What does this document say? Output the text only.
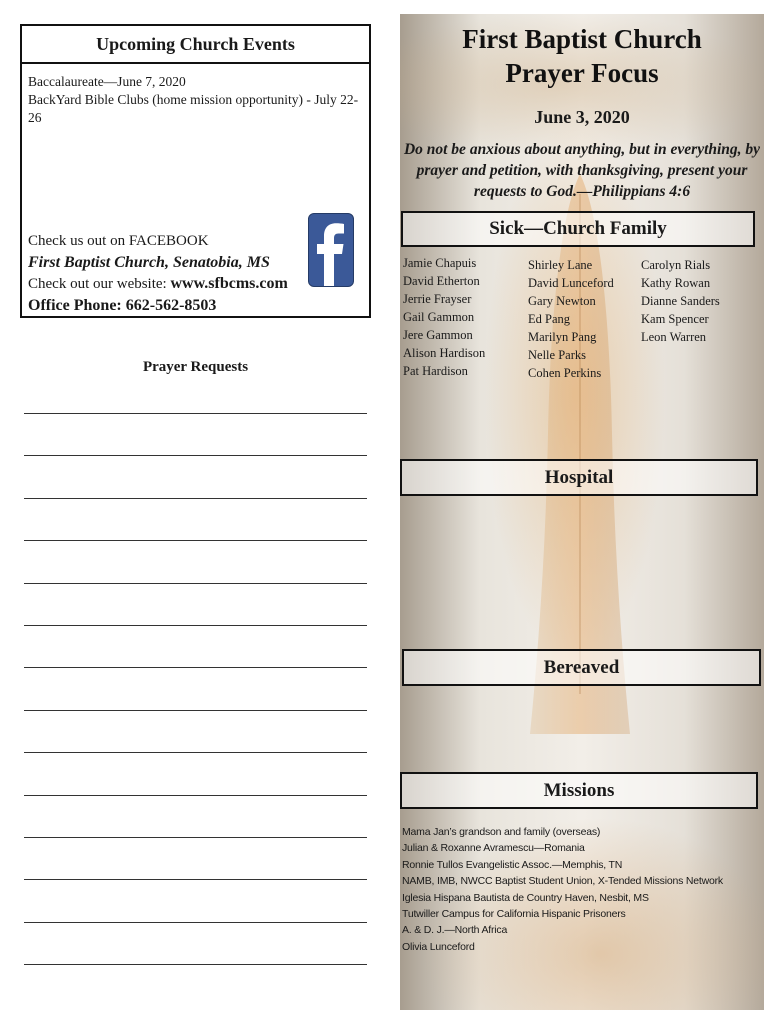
Upcoming Church Events
Baccalaureate—June 7, 2020
BackYard Bible Clubs (home mission opportunity) - July 22-26
Check us out on FACEBOOK
First Baptist Church, Senatobia, MS
Check out our website: www.sfbcms.com
Office Phone: 662-562-8503
Prayer Requests
First Baptist Church
Prayer Focus
June 3, 2020
Do not be anxious about anything, but in everything, by prayer and petition, with thanksgiving, present your requests to God.—Philippians 4:6
Sick—Church Family
Jamie Chapuis
David Etherton
Jerrie Frayser
Gail Gammon
Jere Gammon
Alison Hardison
Pat Hardison
Shirley Lane
David Lunceford
Gary Newton
Ed Pang
Marilyn Pang
Nelle Parks
Cohen Perkins
Carolyn Rials
Kathy Rowan
Dianne Sanders
Kam Spencer
Leon Warren
Hospital
Bereaved
Missions
Mama Jan’s grandson and family (overseas)
Julian & Roxanne Avramescu—Romania
Ronnie Tullos Evangelistic Assoc.—Memphis, TN
NAMB, IMB, NWCC Baptist Student Union, X-Tended Missions Network
Iglesia Hispana Bautista de Country Haven, Nesbit, MS
Tutwiller Campus for California Hispanic Prisoners
A. & D. J.—North Africa
Olivia Lunceford
